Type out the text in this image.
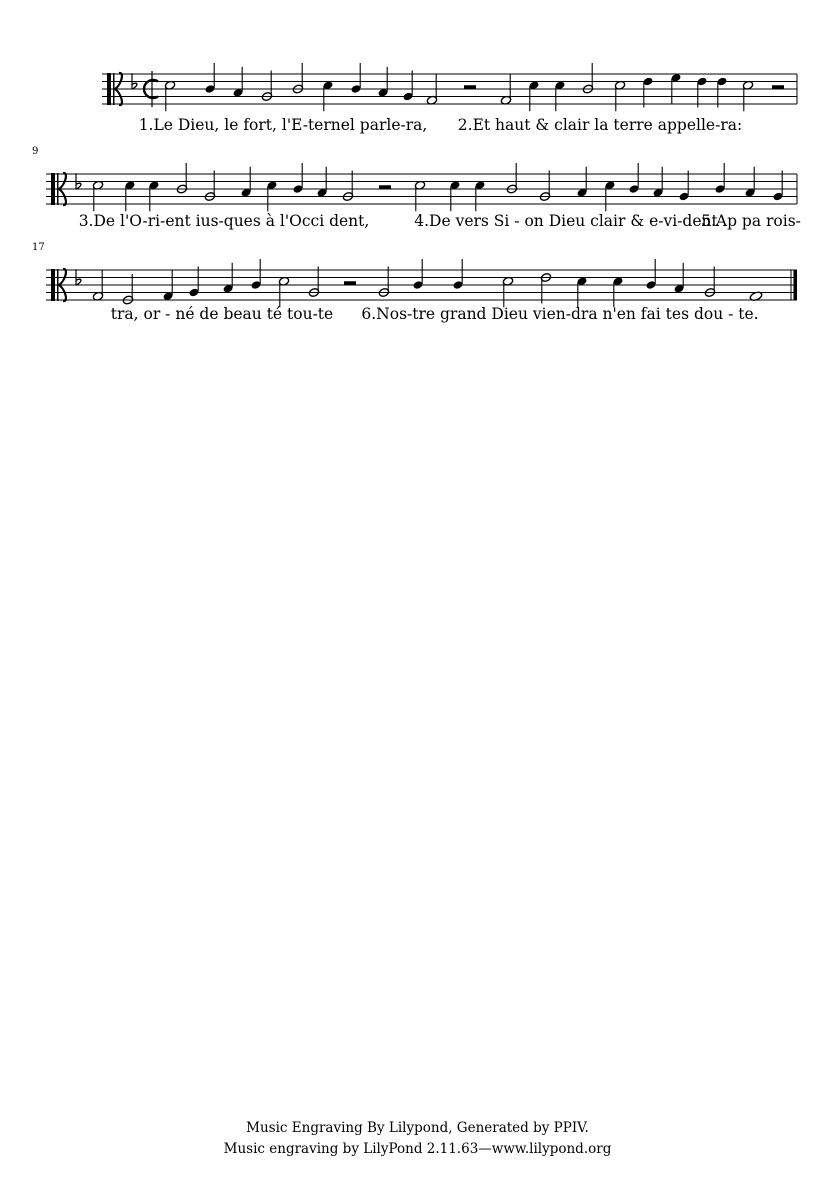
1.Le Dieu, le fort, l'E-ternel parle-ra, 2.Et haut & clair la terre appelle-ra:
9
3.De l'O-ri-ent ius-ques à l'Occi dent,	4.De vers Si - on Dieu clair & e-vi-dent
5.Ap pa rois-
17
tra, or - né de beau té tou-te 6.Nos-tre grand Dieu vien-dra n'en fai tes dou - te.
Music Engraving By Lilypond, Generated by PPIV.
Music engraving by LilyPond 2.11.63—www.lilypond.org
